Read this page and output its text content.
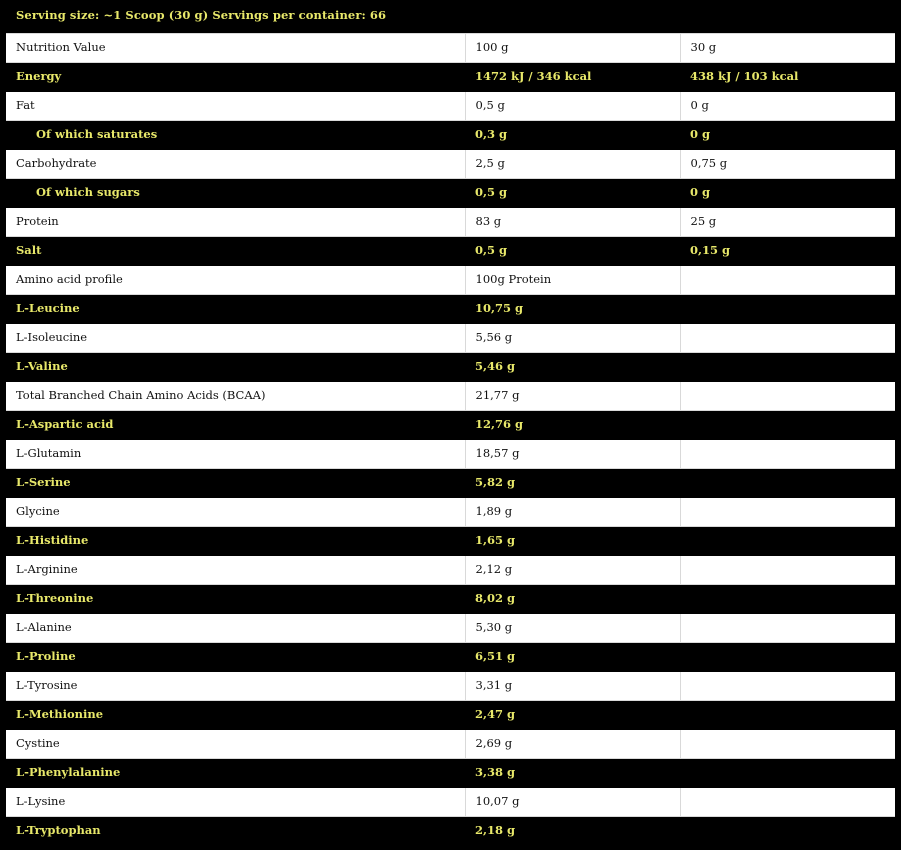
Serving size: ~1 Scoop (30 g) Servings per container: 66		
Nutrition Value	100 g	30 g
Energy	1472 kJ / 346 kcal	438 kJ / 103 kcal
Fat	0,5 g	0 g
Of which saturates	0,3 g	0 g
Carbohydrate	2,5 g	0,75 g
Of which sugars	0,5 g	0 g
Protein	83 g	25 g
Salt	0,5 g	0,15 g
Amino acid profile	100g Protein	
L-Leucine	10,75 g	
L-Isoleucine	5,56 g	
L-Valine	5,46 g	
Total Branched Chain Amino Acids (BCAA)	21,77 g	
L-Aspartic acid	12,76 g	
L-Glutamin	18,57 g	
L-Serine	5,82 g	
Glycine	1,89 g	
L-Histidine	1,65 g	
L-Arginine	2,12 g	
L-Threonine	8,02 g	
L-Alanine	5,30 g	
L-Proline	6,51 g	
L-Tyrosine	3,31 g	
L-Methionine	2,47 g	
Cystine	2,69 g	
L-Phenylalanine	3,38 g	
L-Lysine	10,07 g	
L-Tryptophan	2,18 g	
